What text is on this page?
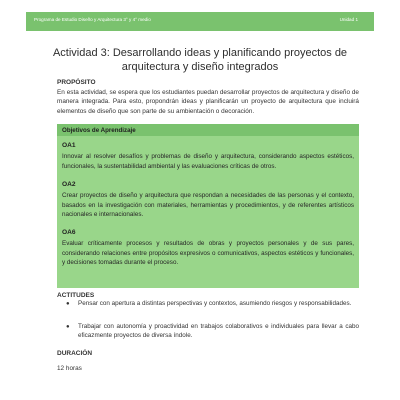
Programa de Estudio Diseño y Arquitectura 3° y 4° medio	Unidad 1
Actividad 3: Desarrollando ideas y planificando proyectos de arquitectura y diseño integrados
PROPÓSITO
En esta actividad, se espera que los estudiantes puedan desarrollar proyectos de arquitectura y diseño de manera integrada. Para esto, propondrán ideas y planificarán un proyecto de arquitectura que incluirá elementos de diseño que son parte de su ambientación o decoración.
Objetivos de Aprendizaje
OA1
Innovar al resolver desafíos y problemas de diseño y arquitectura, considerando aspectos estéticos, funcionales, la sustentabilidad ambiental y las evaluaciones críticas de otros.
OA2
Crear proyectos de diseño y arquitectura que respondan a necesidades de las personas y el contexto, basados en la investigación con materiales, herramientas y procedimientos, y de referentes artísticos nacionales e internacionales.
OA6
Evaluar críticamente procesos y resultados de obras y proyectos personales y de sus pares, considerando relaciones entre propósitos expresivos o comunicativos, aspectos estéticos y funcionales, y decisiones tomadas durante el proceso.
ACTITUDES
● Pensar con apertura a distintas perspectivas y contextos, asumiendo riesgos y responsabilidades.
● Trabajar con autonomía y proactividad en trabajos colaborativos e individuales para llevar a cabo eficazmente proyectos de diversa índole.
DURACIÓN
12 horas
